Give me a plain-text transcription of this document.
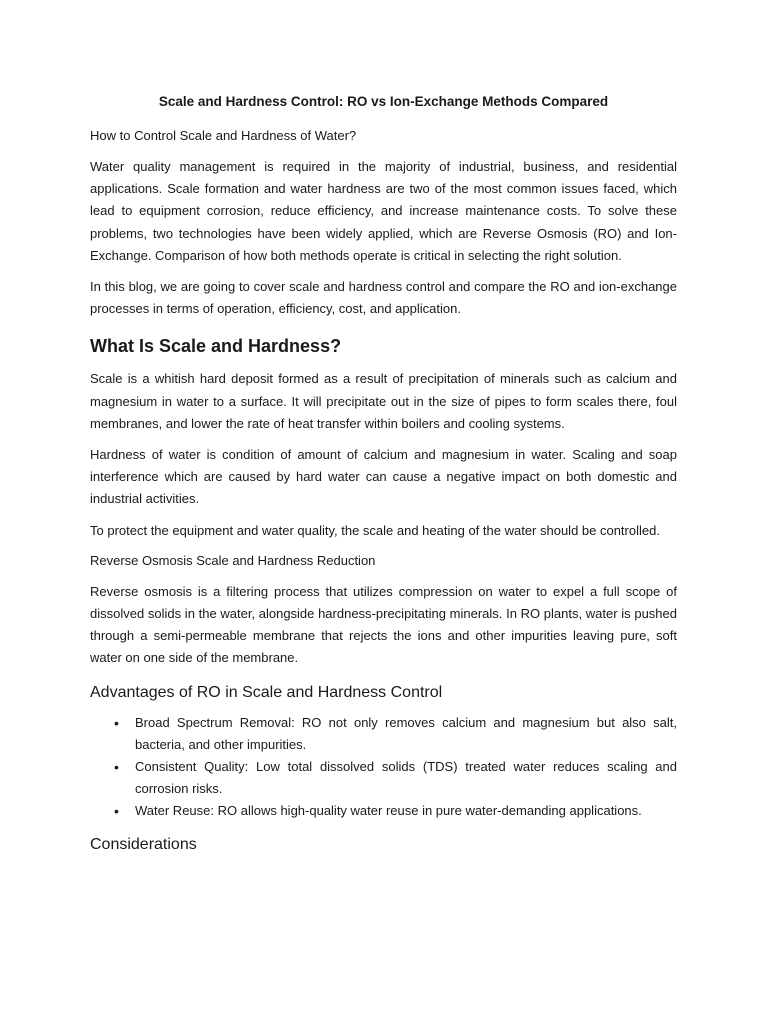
Scale and Hardness Control: RO vs Ion-Exchange Methods Compared
How to Control Scale and Hardness of Water?

Water quality management is required in the majority of industrial, business, and residential applications. Scale formation and water hardness are two of the most common issues faced, which lead to equipment corrosion, reduce efficiency, and increase maintenance costs. To solve these problems, two technologies have been widely applied, which are Reverse Osmosis (RO) and Ion-Exchange. Comparison of how both methods operate is critical in selecting the right solution.

In this blog, we are going to cover scale and hardness control and compare the RO and ion-exchange processes in terms of operation, efficiency, cost, and application.

What Is Scale and Hardness?

Scale is a whitish hard deposit formed as a result of precipitation of minerals such as calcium and magnesium in water to a surface. It will precipitate out in the size of pipes to form scales there, foul membranes, and lower the rate of heat transfer within boilers and cooling systems.

Hardness of water is condition of amount of calcium and magnesium in water. Scaling and soap interference which are caused by hard water can cause a negative impact on both domestic and industrial activities.

To protect the equipment and water quality, the scale and heating of the water should be controlled.

Reverse Osmosis Scale and Hardness Reduction

Reverse osmosis is a filtering process that utilizes compression on water to expel a full scope of dissolved solids in the water, alongside hardness-precipitating minerals. In RO plants, water is pushed through a semi-permeable membrane that rejects the ions and other impurities leaving pure, soft water on one side of the membrane.

Advantages of RO in Scale and Hardness Control
• Broad Spectrum Removal: RO not only removes calcium and magnesium but also salt, bacteria, and other impurities.
• Consistent Quality: Low total dissolved solids (TDS) treated water reduces scaling and corrosion risks.
• Water Reuse: RO allows high-quality water reuse in pure water-demanding applications.
Considerations
